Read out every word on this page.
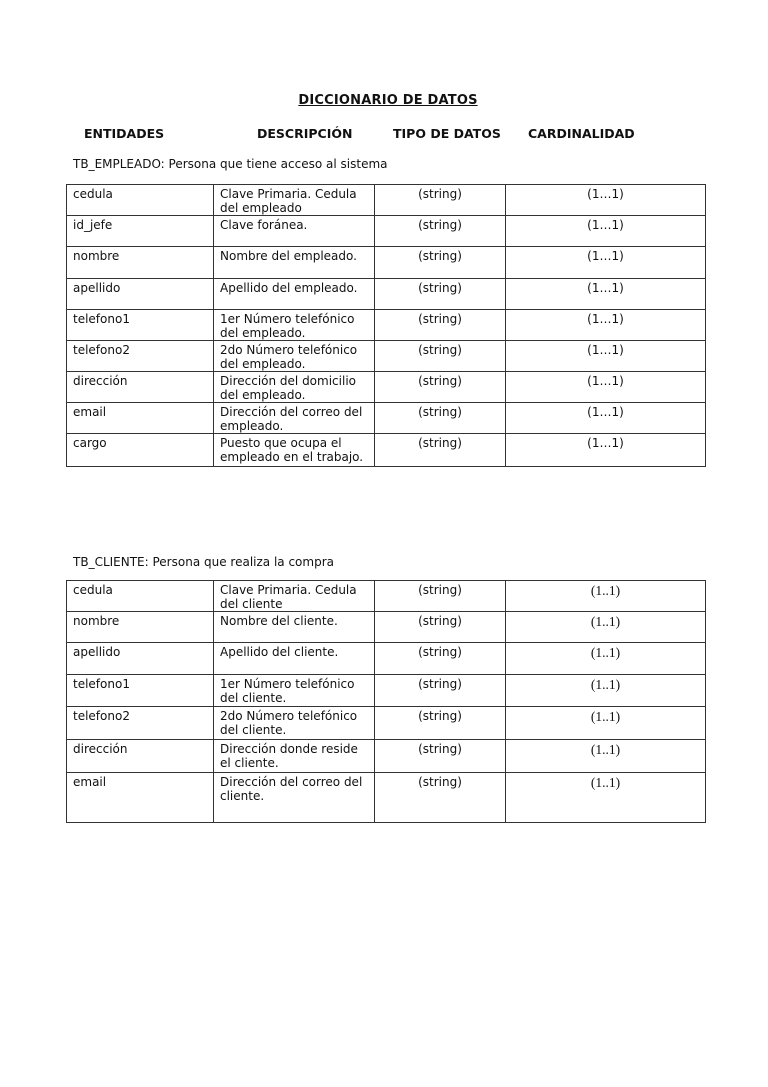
DICCIONARIO DE DATOS
ENTIDADES	DESCRIPCIÓN	TIPO DE DATOS CARDINALIDAD
TB_EMPLEADO: Persona que tiene acceso al sistema
cedula	Clave Primaria. Cedula del empleado	(string)	(1…1)
id_jefe	Clave foránea.	(string)	(1…1)
nombre	Nombre del empleado.	(string)	(1…1)
apellido	Apellido del empleado.	(string)	(1…1)
telefono1	1er Número telefónico del empleado.	(string)	(1…1)
telefono2	2do Número telefónico del empleado.	(string)	(1…1)
dirección	Dirección del domicilio del empleado.	(string)	(1…1)
email	Dirección del correo del empleado.	(string)	(1…1)
cargo	Puesto que ocupa el empleado en el trabajo.	(string)	(1…1)
TB_CLIENTE: Persona que realiza la compra
cedula	Clave Primaria. Cedula del cliente	(string)	(1..1)
nombre	Nombre del cliente.	(string)	(1..1)
apellido	Apellido del cliente.	(string)	(1..1)
telefono1	1er Número telefónico del cliente.	(string)	(1..1)
telefono2	2do Número telefónico del cliente.	(string)	(1..1)
dirección	Dirección donde reside el cliente.	(string)	(1..1)
email	Dirección del correo del cliente.	(string)	(1..1)
